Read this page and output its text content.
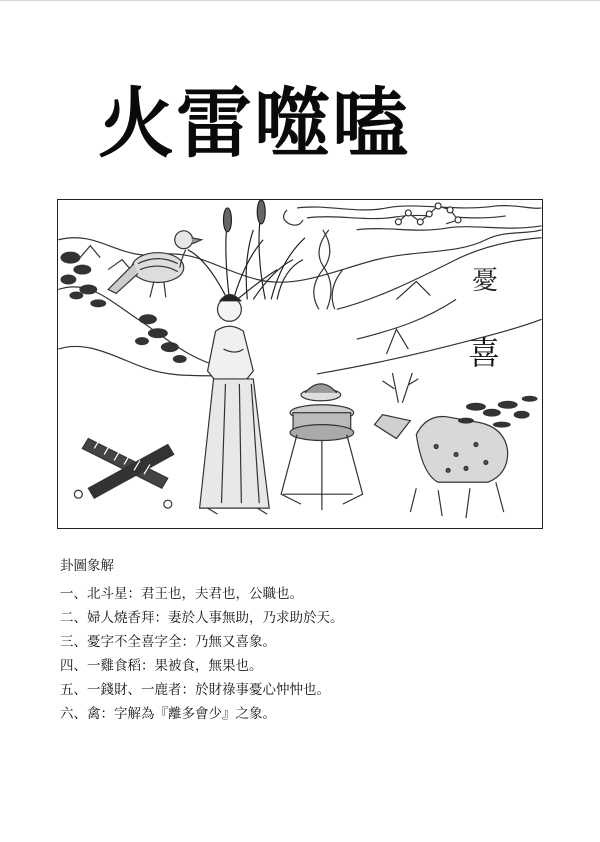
火雷噬嗑
憂
喜
卦圖象解
一、北斗星：君王也，夫君也，公職也。
二、婦人燒香拜：妻於人事無助，乃求助於天。
三、憂字不全喜字全：乃無又喜象。
四、一雞食稻：果被食，無果也。
五、一錢財、一鹿者：於財祿事憂心忡忡也。
六、禽：字解為『離多會少』之象。
